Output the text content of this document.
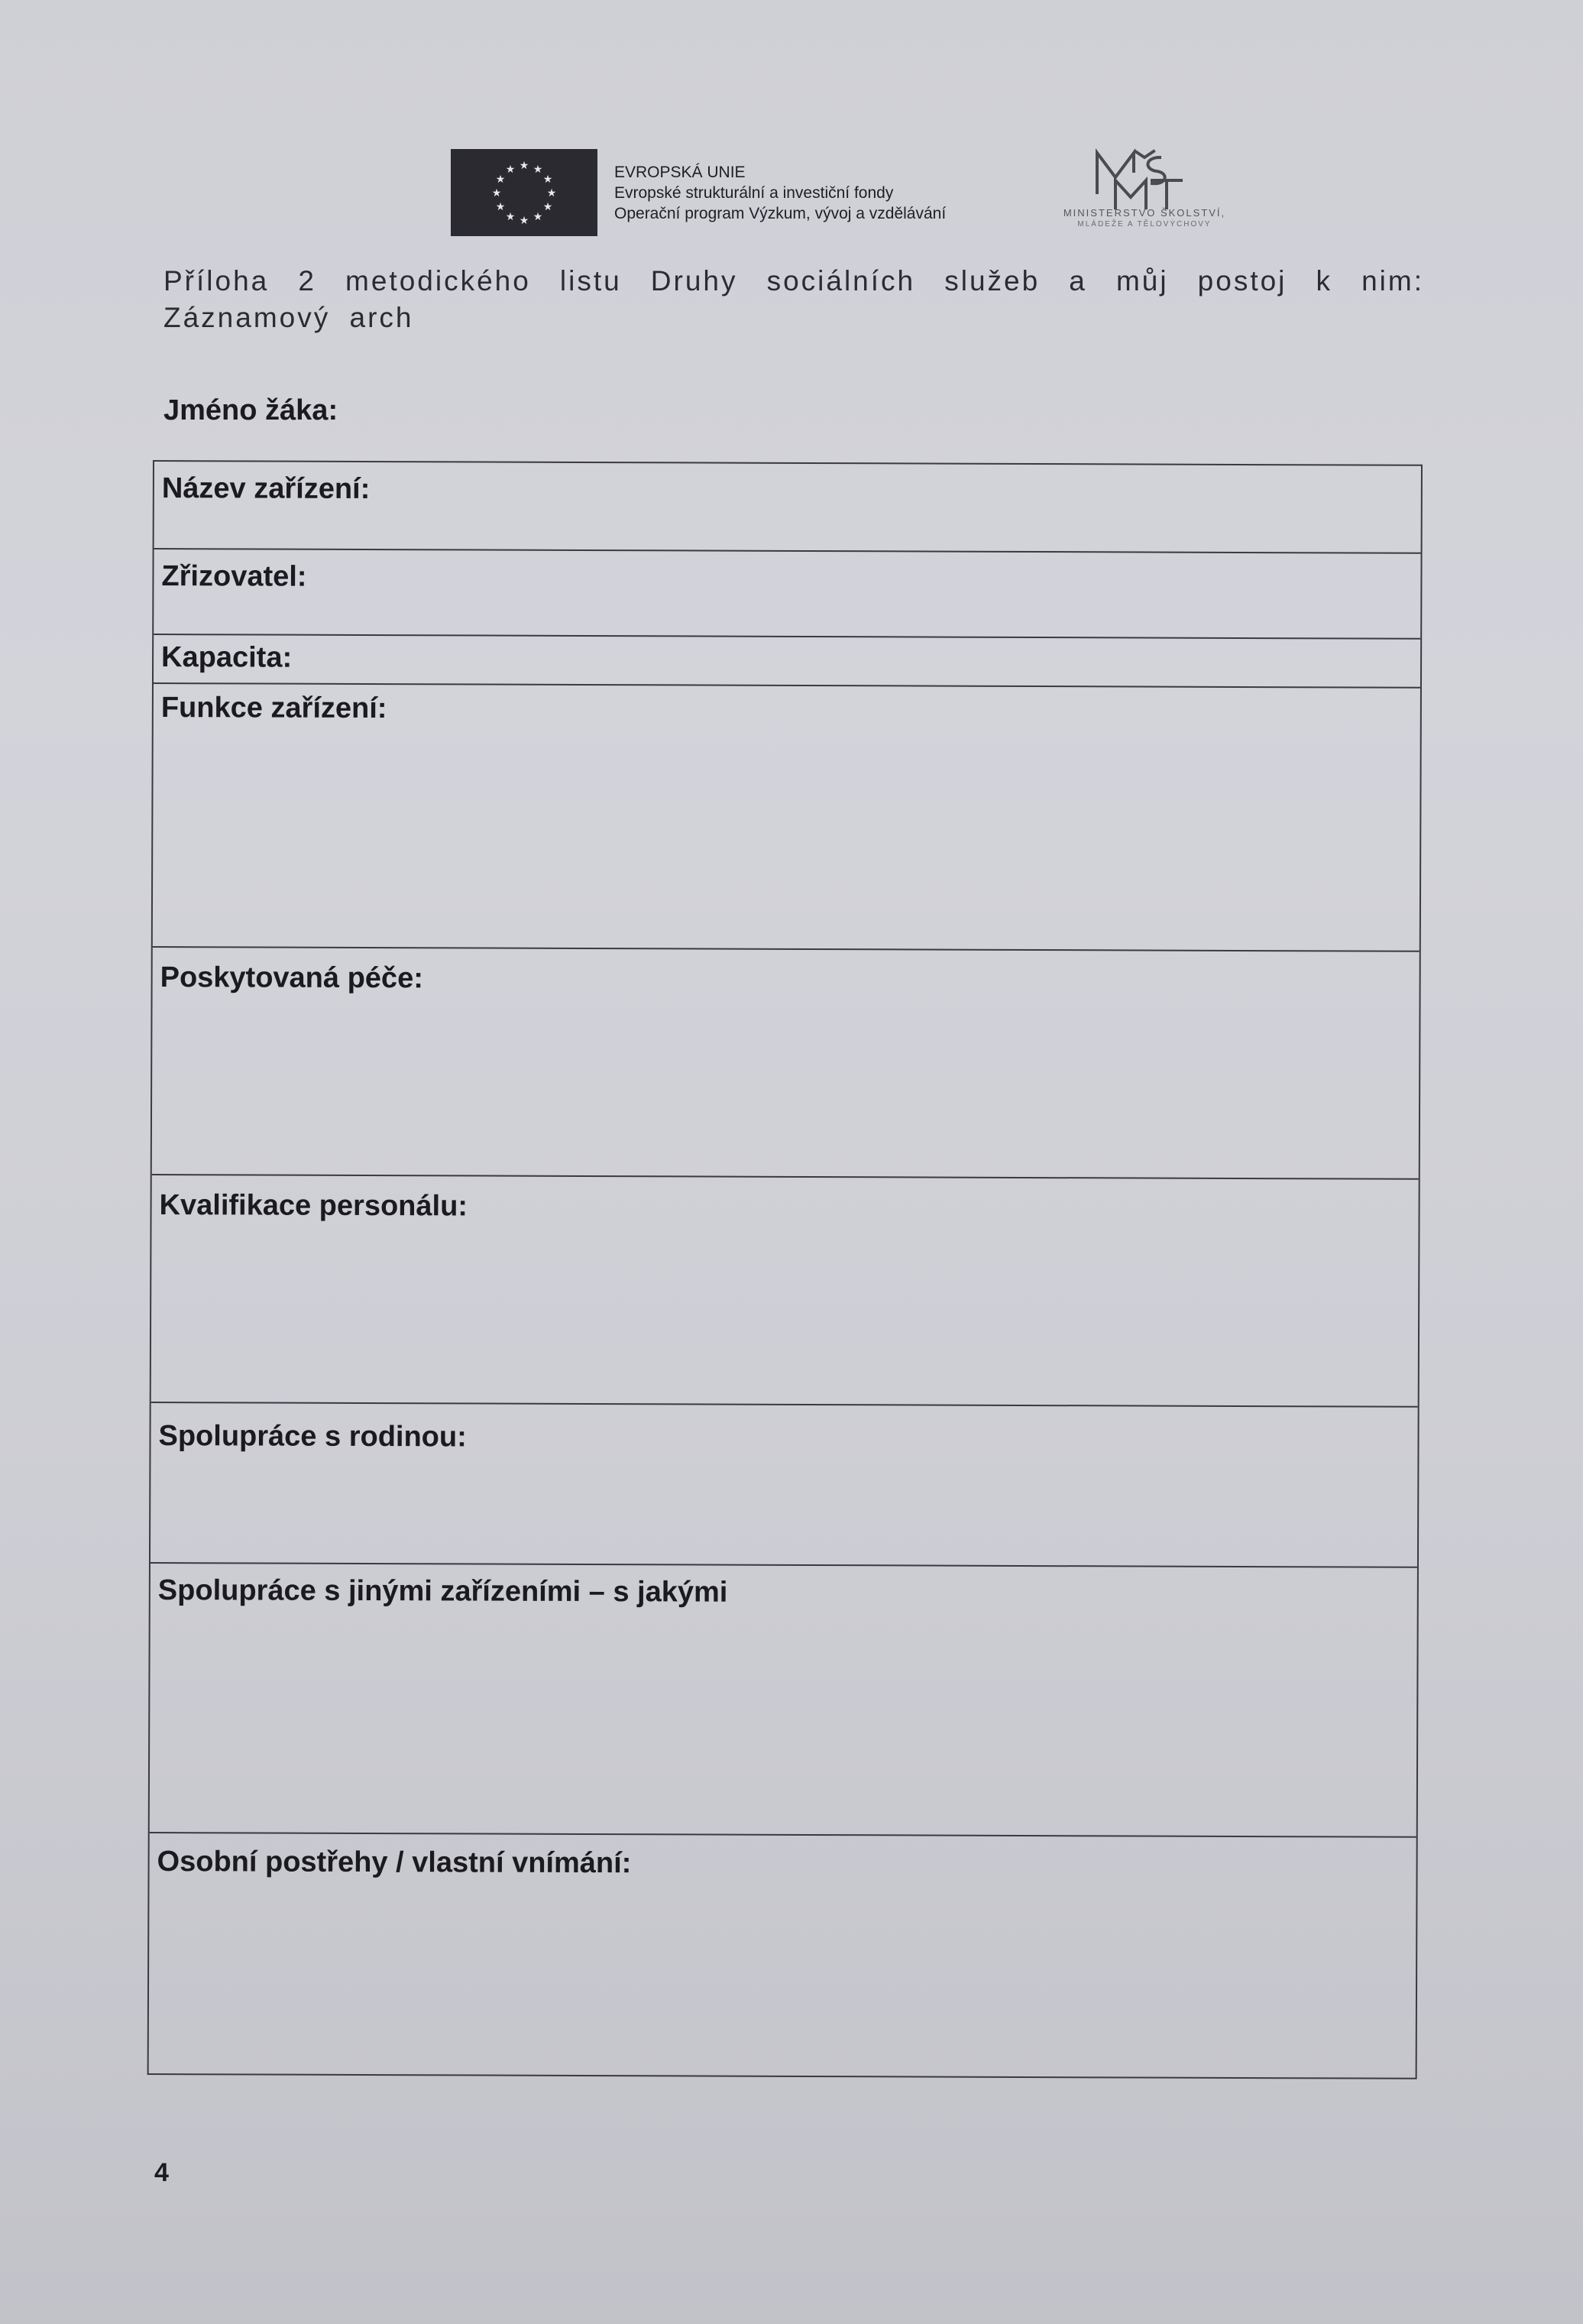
★ ★
★
★
★
★
★
★
★
★
★
★	EVROPSKÁ UNIE
Evropské strukturální a investiční fondy
Operační program Výzkum, vývoj a vzdělávání	MINISTERSTVO ŠKOLSTVÍ,
MLÁDEŽE A TĚLOVÝCHOVY
Příloha 2 metodického listu Druhy sociálních služeb a můj postoj k nim: Záznamový arch
Jméno žáka:
Název zařízení:
Zřizovatel:
Kapacita:
Funkce zařízení:
Poskytovaná péče:
Kvalifikace personálu:
Spolupráce s rodinou:
Spolupráce s jinými zařízeními – s jakými
Osobní postřehy / vlastní vnímání:
4
